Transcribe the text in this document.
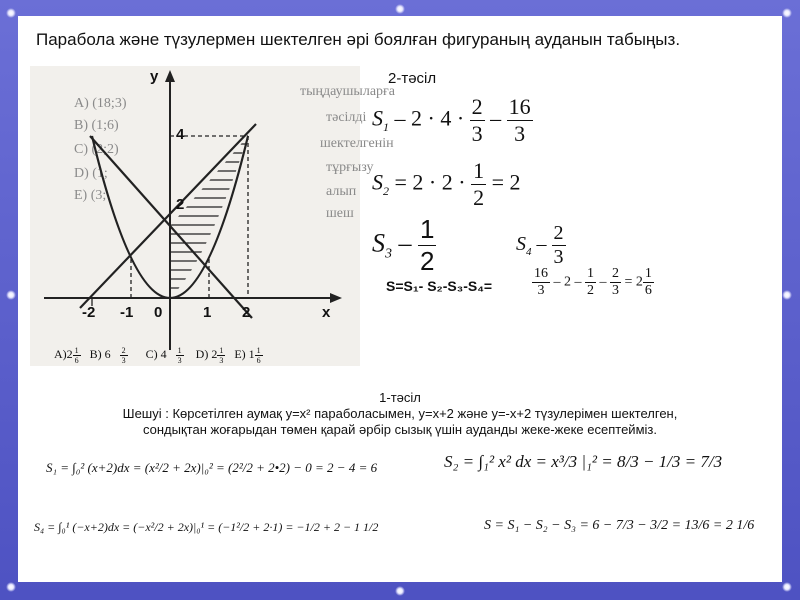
Парабола және түзулермен шектелген әрі боялған фигураның ауданын табыңыз.
A) (18;3)
B) (1;6)
C) (2;2)
D) (1;
E) (3;
тыңдаушыларға
тәсілді
шектелгенін
тұрғызу
алып
шеш
y
x
4
2
-2 -1 0	1 2
$A)2 \frac{1}{6} B$) $6 \frac{2}{3} C$) $4 \frac{1}{3} D$) $2 \frac{1}{3} E$) $1 \frac{1}{6}$
2-тәсіл
$S_1 - 2 \cdot 4 \cdot \frac{2}{3} - \frac{16}{3}$
$S_2 = 2 \cdot 2 \cdot \frac{1}{2} = 2$
$S_3 - \frac{1}{2}$	$S_4 - \frac{2}{3}$
S=S₁- S₂-S₃-S₄=	$\frac{16}{3} - 2 - \frac{1}{2} - \frac{2}{3} = 2 \frac{1}{6}$
1-тәсіл
Шешуі : Көрсетілген аумақ y=x² параболасымен, y=x+2 және y=-x+2 түзулерімен шектелген,
сондықтан жоғарыдан төмен қарай әрбір сызық үшін ауданды жеке-жеке есептейміз.
S₁ = ∫₀² (x+2)dx = (x²/2 + 2x)|₀² = (2²/2 + 2•2) − 0 = 2 − 4 = 6	S₂ = ∫₁² x² dx = x³/3 |₁² = 8/3 − 1/3 = 7/3
S₄ = ∫₀¹ (−x+2)dx = (−x²/2 + 2x)|₀¹ = (−1²/2 + 2·1) = −1/2 + 2 − 1 1/2	S = S₁ − S₂ − S₃ = 6 − 7/3 − 3/2 = 13/6 = 2 1/6
